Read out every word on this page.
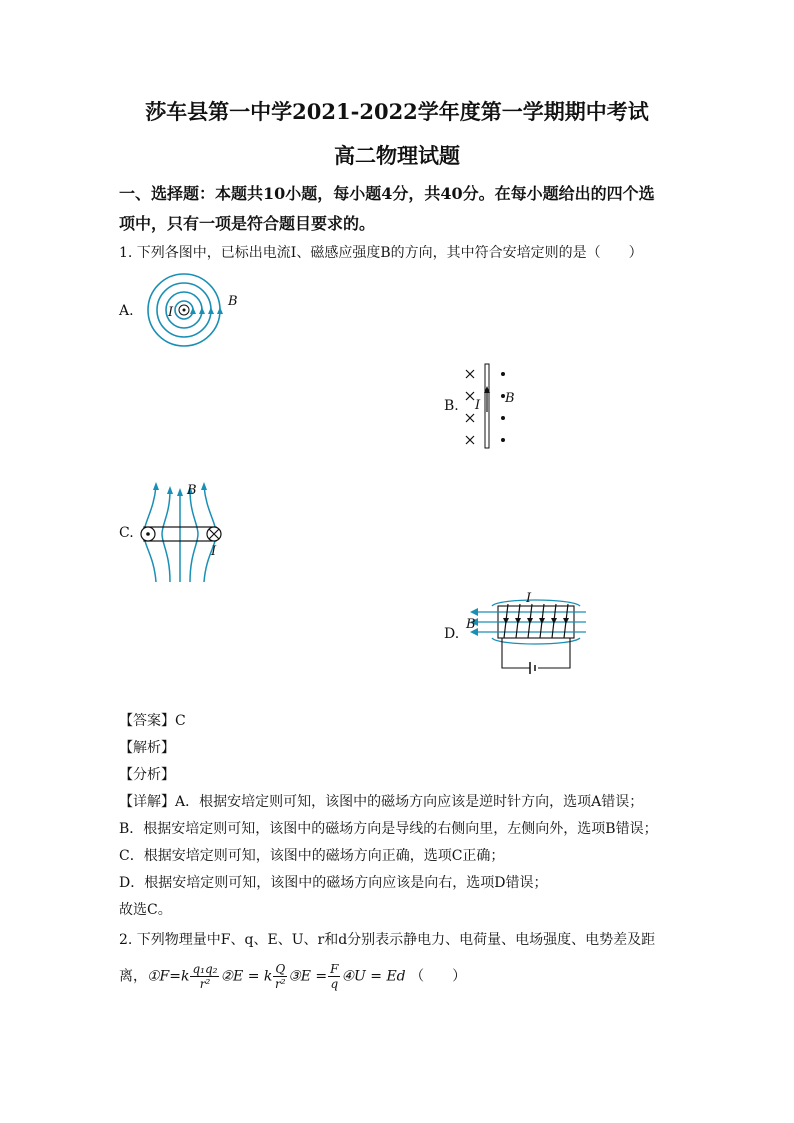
莎车县第一中学2021-2022学年度第一学期期中考试
高二物理试题
一、选择题：本题共10小题，每小题4分，共40分。在每小题给出的四个选
项中，只有一项是符合题目要求的。
1. 下列各图中，已标出电流I、磁感应强度B的方向，其中符合安培定则的是（　　）
A.	I
B
B. I B
C.
B
I
D.
I
B
【答案】C
【解析】
【分析】
【详解】A．根据安培定则可知，该图中的磁场方向应该是逆时针方向，选项A错误；
B．根据安培定则可知，该图中的磁场方向是导线的右侧向里，左侧向外，选项B错误；
C．根据安培定则可知，该图中的磁场方向正确，选项C正确；
D．根据安培定则可知，该图中的磁场方向应该是向右，选项D错误；
故选C。
2. 下列物理量中F、q、E、U、r和d分别表示静电力、电荷量、电场强度、电势差及距
离，①F=k $\frac{\text{q₁q₂}}{\text{r²}}$ ②E = k $\frac{Q}{\text{r²}}$ ③E = $\frac{F}{q}$ ④U = Ed （　　）
